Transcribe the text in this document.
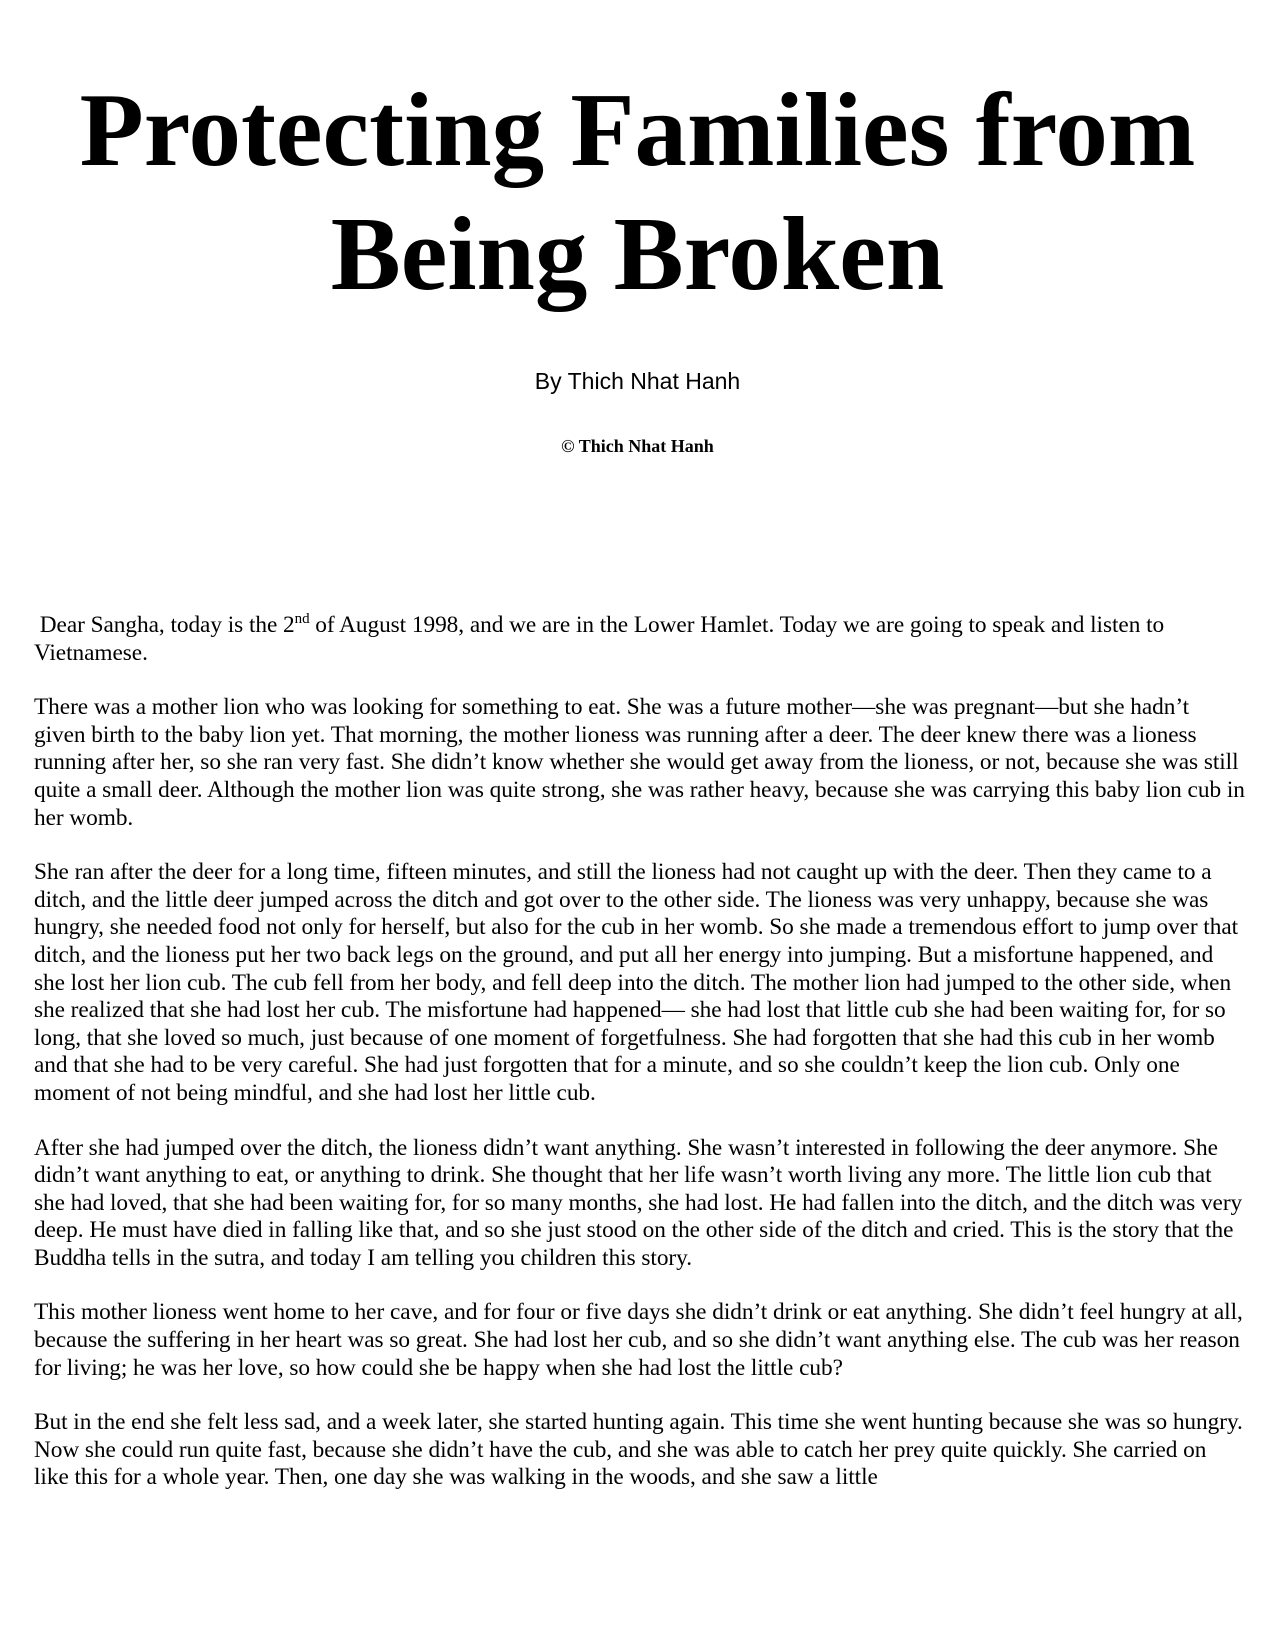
Protecting Families from
Being Broken
By Thich Nhat Hanh
© Thich Nhat Hanh

Dear Sangha, today is the 2nd of August 1998, and we are in the Lower Hamlet. Today we are going to speak and listen to Vietnamese.

There was a mother lion who was looking for something to eat. She was a future mother—she was pregnant—but she hadn’t given birth to the baby lion yet. That morning, the mother lioness was running after a deer. The deer knew there was a lioness running after her, so she ran very fast. She didn’t know whether she would get away from the lioness, or not, because she was still quite a small deer. Although the mother lion was quite strong, she was rather heavy, because she was carrying this baby lion cub in her womb.

She ran after the deer for a long time, fifteen minutes, and still the lioness had not caught up with the deer. Then they came to a ditch, and the little deer jumped across the ditch and got over to the other side. The lioness was very unhappy, because she was hungry, she needed food not only for herself, but also for the cub in her womb. So she made a tremendous effort to jump over that ditch, and the lioness put her two back legs on the ground, and put all her energy into jumping. But a misfortune happened, and she lost her lion cub. The cub fell from her body, and fell deep into the ditch. The mother lion had jumped to the other side, when she realized that she had lost her cub. The misfortune had happened— she had lost that little cub she had been waiting for, for so long, that she loved so much, just because of one moment of forgetfulness. She had forgotten that she had this cub in her womb and that she had to be very careful. She had just forgotten that for a minute, and so she couldn’t keep the lion cub. Only one moment of not being mindful, and she had lost her little cub.

After she had jumped over the ditch, the lioness didn’t want anything. She wasn’t interested in following the deer anymore. She didn’t want anything to eat, or anything to drink. She thought that her life wasn’t worth living any more. The little lion cub that she had loved, that she had been waiting for, for so many months, she had lost. He had fallen into the ditch, and the ditch was very deep. He must have died in falling like that, and so she just stood on the other side of the ditch and cried. This is the story that the Buddha tells in the sutra, and today I am telling you children this story.

This mother lioness went home to her cave, and for four or five days she didn’t drink or eat anything. She didn’t feel hungry at all, because the suffering in her heart was so great. She had lost her cub, and so she didn’t want anything else. The cub was her reason for living; he was her love, so how could she be happy when she had lost the little cub?

But in the end she felt less sad, and a week later, she started hunting again. This time she went hunting because she was so hungry. Now she could run quite fast, because she didn’t have the cub, and she was able to catch her prey quite quickly. She carried on like this for a whole year. Then, one day she was walking in the woods, and she saw a little
